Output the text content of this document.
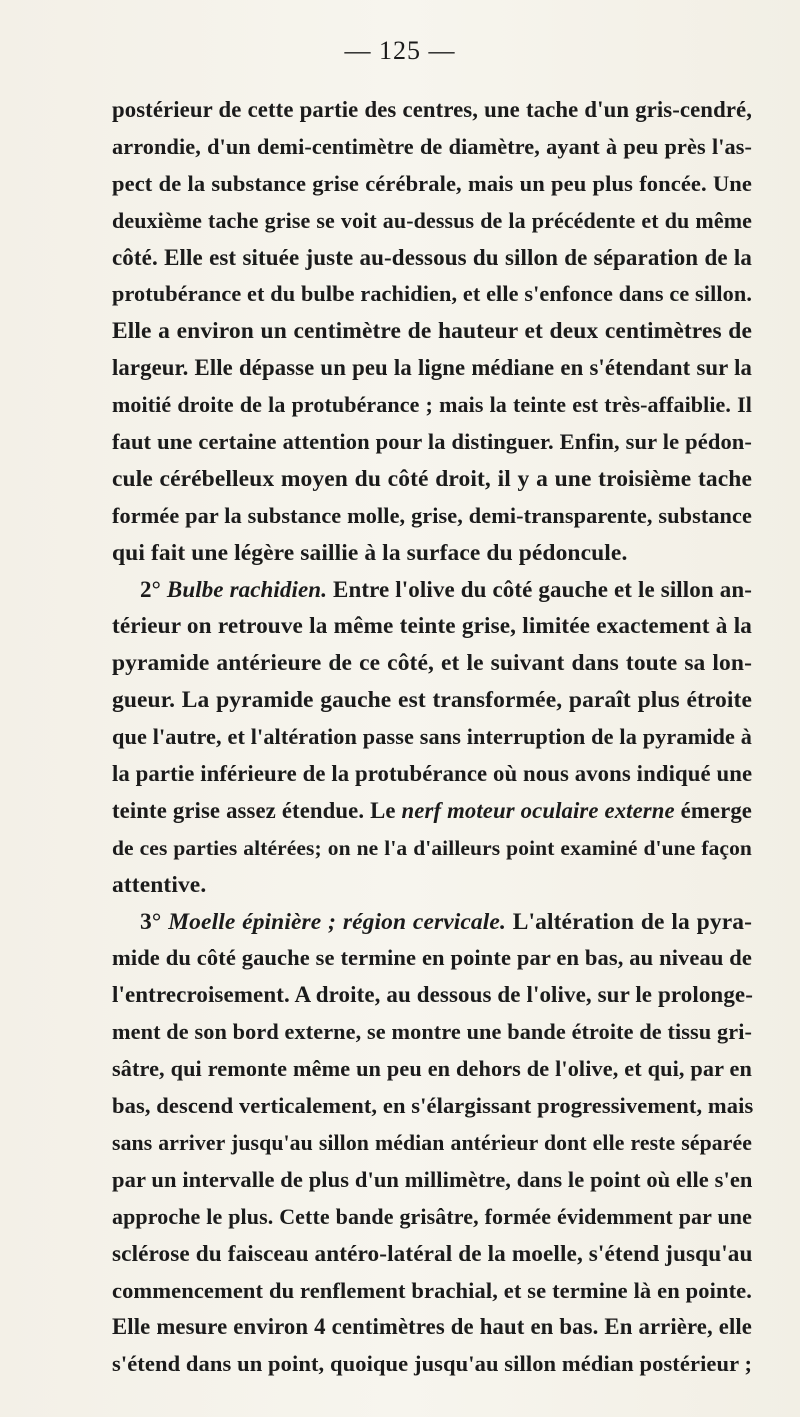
— 125 —
postérieur de cette partie des centres, une tache d'un gris-cendré,
arrondie, d'un demi-centimètre de diamètre, ayant à peu près l'as-
pect de la substance grise cérébrale, mais un peu plus foncée. Une
deuxième tache grise se voit au-dessus de la précédente et du même
côté. Elle est située juste au-dessous du sillon de séparation de la
protubérance et du bulbe rachidien, et elle s'enfonce dans ce sillon.
Elle a environ un centimètre de hauteur et deux centimètres de
largeur. Elle dépasse un peu la ligne médiane en s'étendant sur la
moitié droite de la protubérance ; mais la teinte est très-affaiblie. Il
faut une certaine attention pour la distinguer. Enfin, sur le pédon-
cule cérébelleux moyen du côté droit, il y a une troisième tache
formée par la substance molle, grise, demi-transparente, substance
qui fait une légère saillie à la surface du pédoncule.
2° Bulbe rachidien. Entre l'olive du côté gauche et le sillon an-
térieur on retrouve la même teinte grise, limitée exactement à la
pyramide antérieure de ce côté, et le suivant dans toute sa lon-
gueur. La pyramide gauche est transformée, paraît plus étroite
que l'autre, et l'altération passe sans interruption de la pyramide à
la partie inférieure de la protubérance où nous avons indiqué une
teinte grise assez étendue. Le nerf moteur oculaire externe émerge
de ces parties altérées; on ne l'a d'ailleurs point examiné d'une façon
attentive.
3° Moelle épinière ; région cervicale. L'altération de la pyra-
mide du côté gauche se termine en pointe par en bas, au niveau de
l'entrecroisement. A droite, au dessous de l'olive, sur le prolonge-
ment de son bord externe, se montre une bande étroite de tissu gri-
sâtre, qui remonte même un peu en dehors de l'olive, et qui, par en
bas, descend verticalement, en s'élargissant progressivement, mais
sans arriver jusqu'au sillon médian antérieur dont elle reste séparée
par un intervalle de plus d'un millimètre, dans le point où elle s'en
approche le plus. Cette bande grisâtre, formée évidemment par une
sclérose du faisceau antéro-latéral de la moelle, s'étend jusqu'au
commencement du renflement brachial, et se termine là en pointe.
Elle mesure environ 4 centimètres de haut en bas. En arrière, elle
s'étend dans un point, quoique jusqu'au sillon médian postérieur ;
